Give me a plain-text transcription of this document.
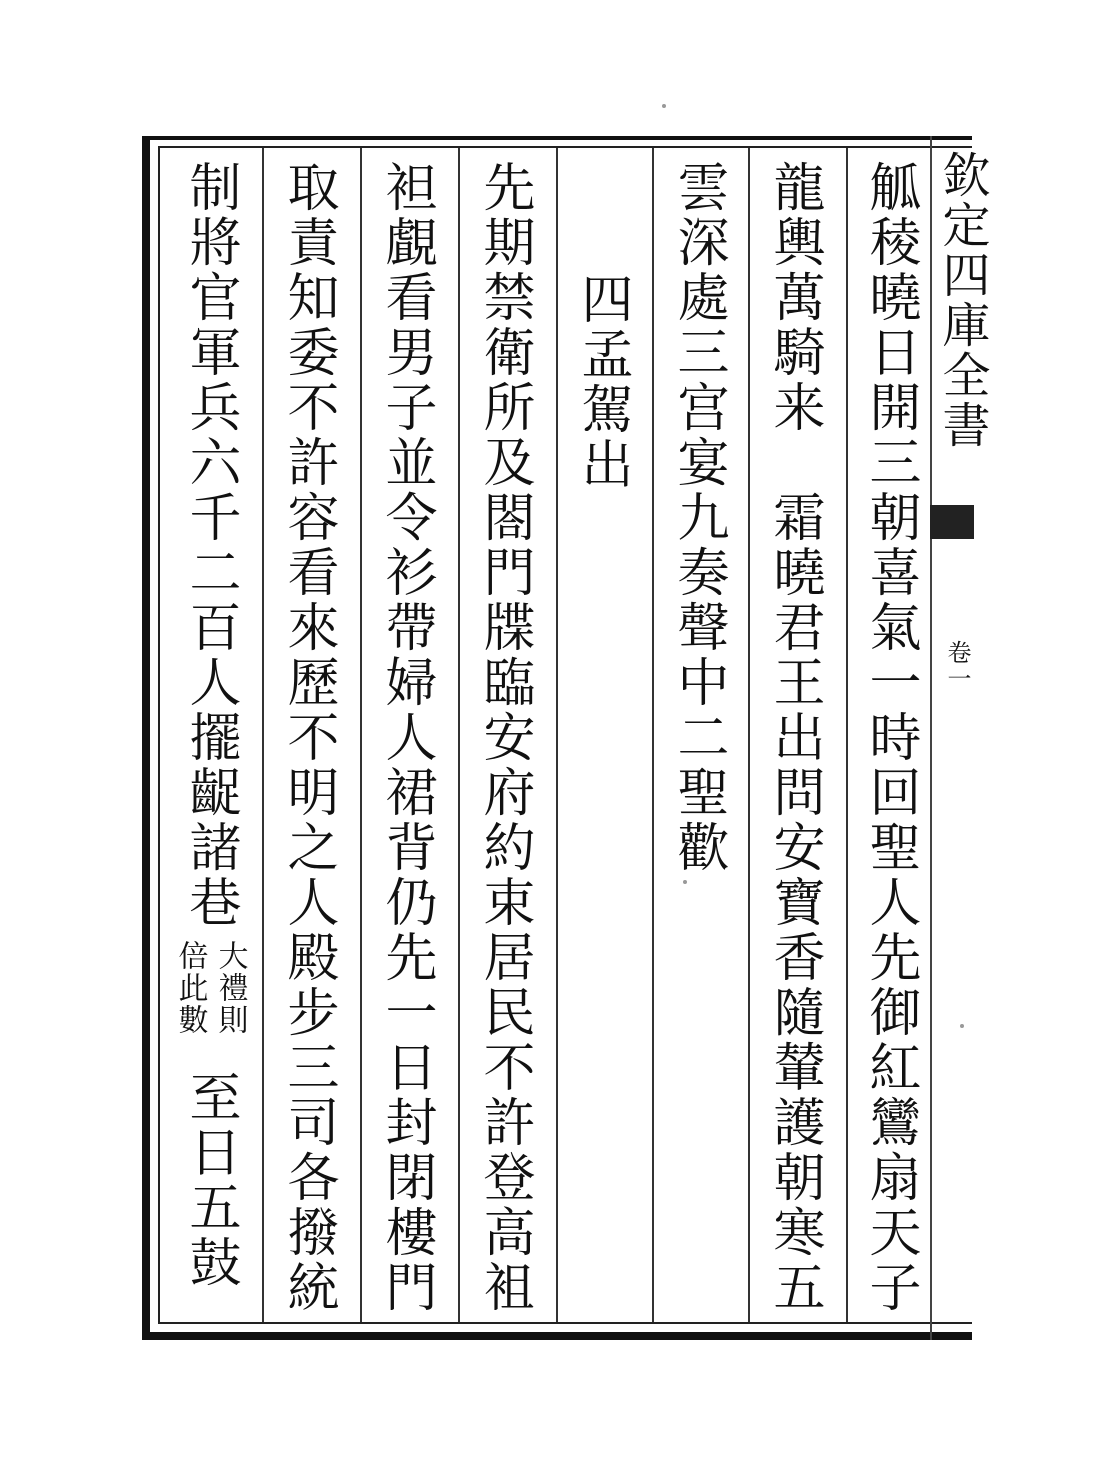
欽定四庫全書
卷一
觚稜曉日開三朝喜氣一時回聖人先御紅鸞扇天子
龍輿萬騎来　霜曉君王出問安寶香隨輦護朝寒五
雲深處三宫宴九奏聲中二聖歡
四孟駕出
先期禁衛所及閤門牒臨安府約束居民不許登高袓
袒覰看男子並令衫帶婦人裙背仍先一日封閉樓門
取責知委不許容看來歷不明之人殿步三司各撥統
制將官軍兵六千二百人擺齪諸巷
大禮則
倍此數
至日五鼓
